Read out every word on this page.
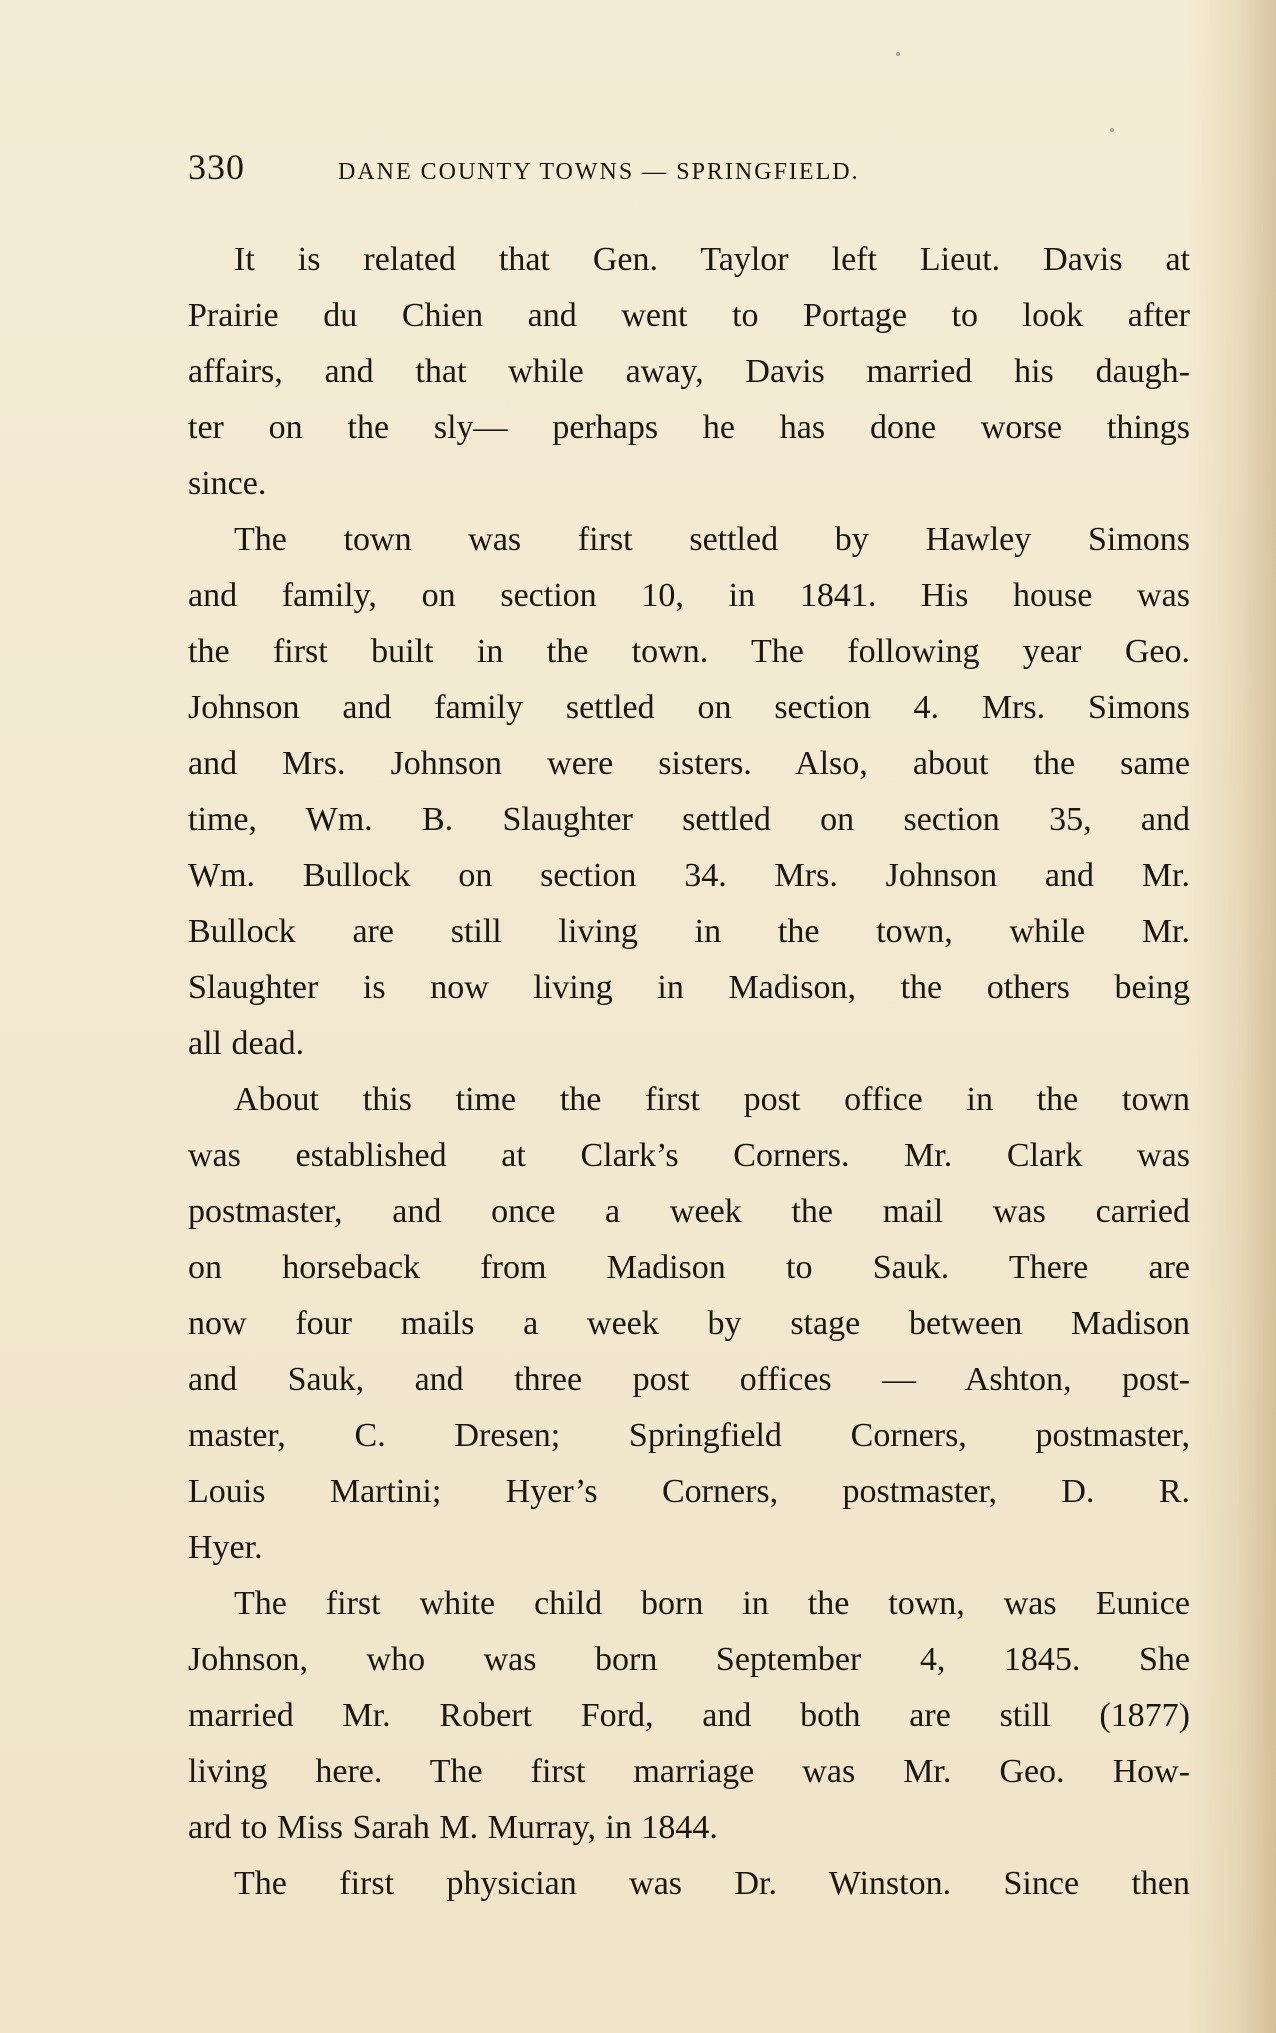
330	DANE COUNTY TOWNS — SPRINGFIELD.
It is related that Gen. Taylor left Lieut. Davis at
Prairie du Chien and went to Portage to look after
affairs, and that while away, Davis married his daugh-
ter on the sly— perhaps he has done worse things
since.
The town was first settled by Hawley Simons
and family, on section 10, in 1841. His house was
the first built in the town. The following year Geo.
Johnson and family settled on section 4. Mrs. Simons
and Mrs. Johnson were sisters. Also, about the same
time, Wm. B. Slaughter settled on section 35, and
Wm. Bullock on section 34. Mrs. Johnson and Mr.
Bullock are still living in the town, while Mr.
Slaughter is now living in Madison, the others being
all dead.
About this time the first post office in the town
was established at Clark’s Corners. Mr. Clark was
postmaster, and once a week the mail was carried
on horseback from Madison to Sauk. There are
now four mails a week by stage between Madison
and Sauk, and three post offices — Ashton, post-
master, C. Dresen; Springfield Corners, postmaster,
Louis Martini; Hyer’s Corners, postmaster, D. R.
Hyer.
The first white child born in the town, was Eunice
Johnson, who was born September 4, 1845. She
married Mr. Robert Ford, and both are still (1877)
living here. The first marriage was Mr. Geo. How-
ard to Miss Sarah M. Murray, in 1844.
The first physician was Dr. Winston. Since then
